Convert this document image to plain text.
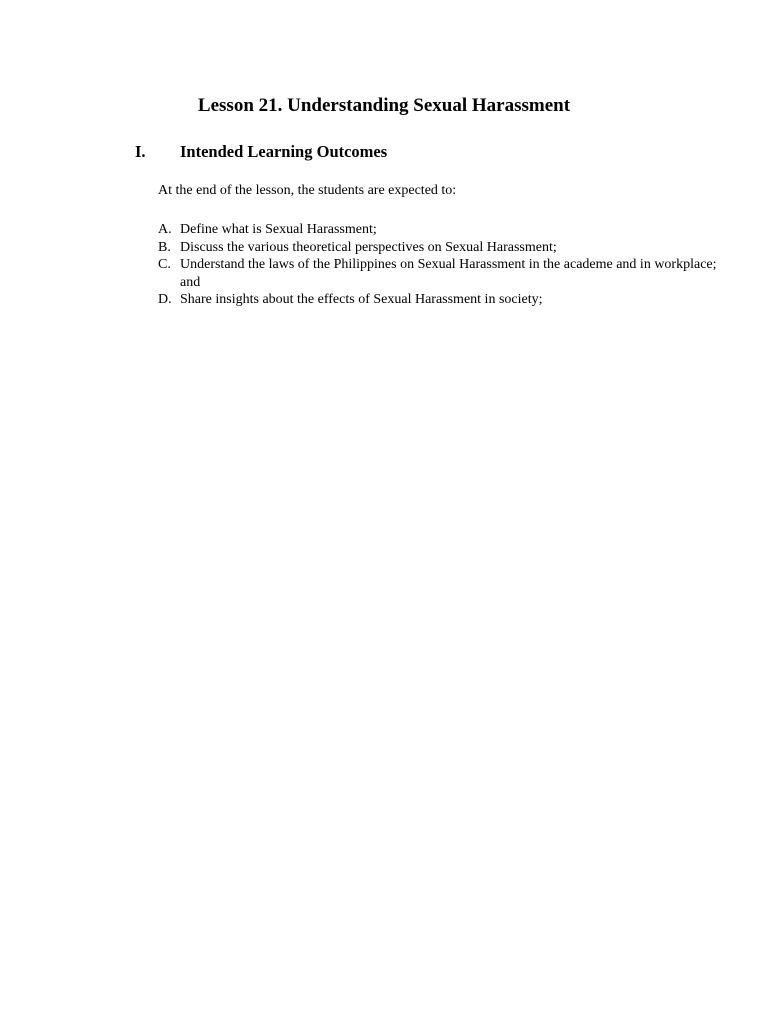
Lesson 21. Understanding Sexual Harassment
I. Intended Learning Outcomes
At the end of the lesson, the students are expected to:
A. Define what is Sexual Harassment;
B. Discuss the various theoretical perspectives on Sexual Harassment;
C. Understand the laws of the Philippines on Sexual Harassment in the academe and in workplace; and
D. Share insights about the effects of Sexual Harassment in society;
